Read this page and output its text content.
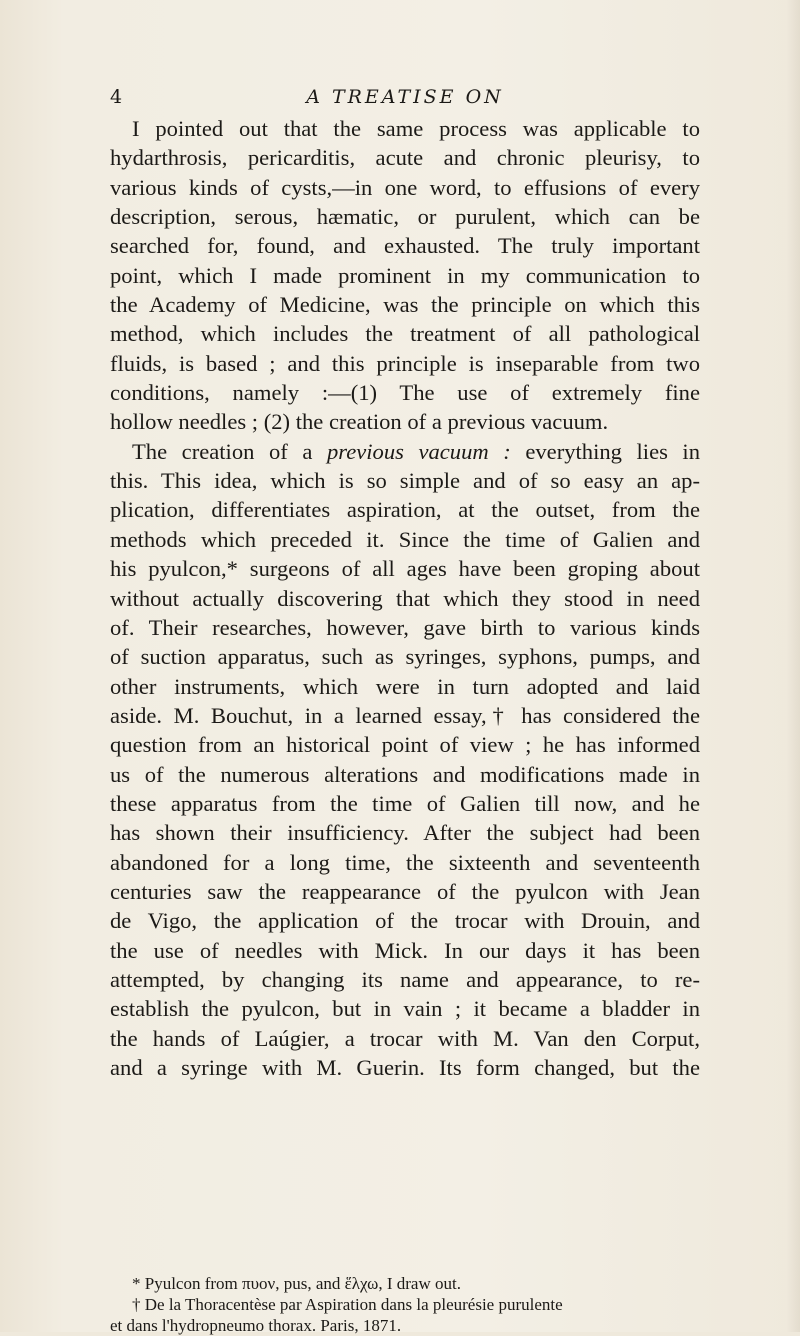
4	A TREATISE ON
I pointed out that the same process was applicable to
hydarthrosis, pericarditis, acute and chronic pleurisy, to
various kinds of cysts,—in one word, to effusions of every
description, serous, hæmatic, or purulent, which can be
searched for, found, and exhausted. The truly important
point, which I made prominent in my communication to
the Academy of Medicine, was the principle on which this
method, which includes the treatment of all pathological
fluids, is based ; and this principle is inseparable from two
conditions, namely :—(1) The use of extremely fine
hollow needles ; (2) the creation of a previous vacuum.
The creation of a previous vacuum : everything lies in
this. This idea, which is so simple and of so easy an ap-
plication, differentiates aspiration, at the outset, from the
methods which preceded it. Since the time of Galien and
his pyulcon,* surgeons of all ages have been groping about
without actually discovering that which they stood in need
of. Their researches, however, gave birth to various kinds
of suction apparatus, such as syringes, syphons, pumps, and
other instruments, which were in turn adopted and laid
aside. M. Bouchut, in a learned essay,† has considered the
question from an historical point of view ; he has informed
us of the numerous alterations and modifications made in
these apparatus from the time of Galien till now, and he
has shown their insufficiency. After the subject had been
abandoned for a long time, the sixteenth and seventeenth
centuries saw the reappearance of the pyulcon with Jean
de Vigo, the application of the trocar with Drouin, and
the use of needles with Mick. In our days it has been
attempted, by changing its name and appearance, to re-
establish the pyulcon, but in vain ; it became a bladder in
the hands of Laúgier, a trocar with M. Van den Corput,
and a syringe with M. Guerin. Its form changed, but the
* Pyulcon from πυον, pus, and ἕλχω, I draw out.
† De la Thoracentèse par Aspiration dans la pleurésie purulente
et dans l'hydropneumo thorax. Paris, 1871.
